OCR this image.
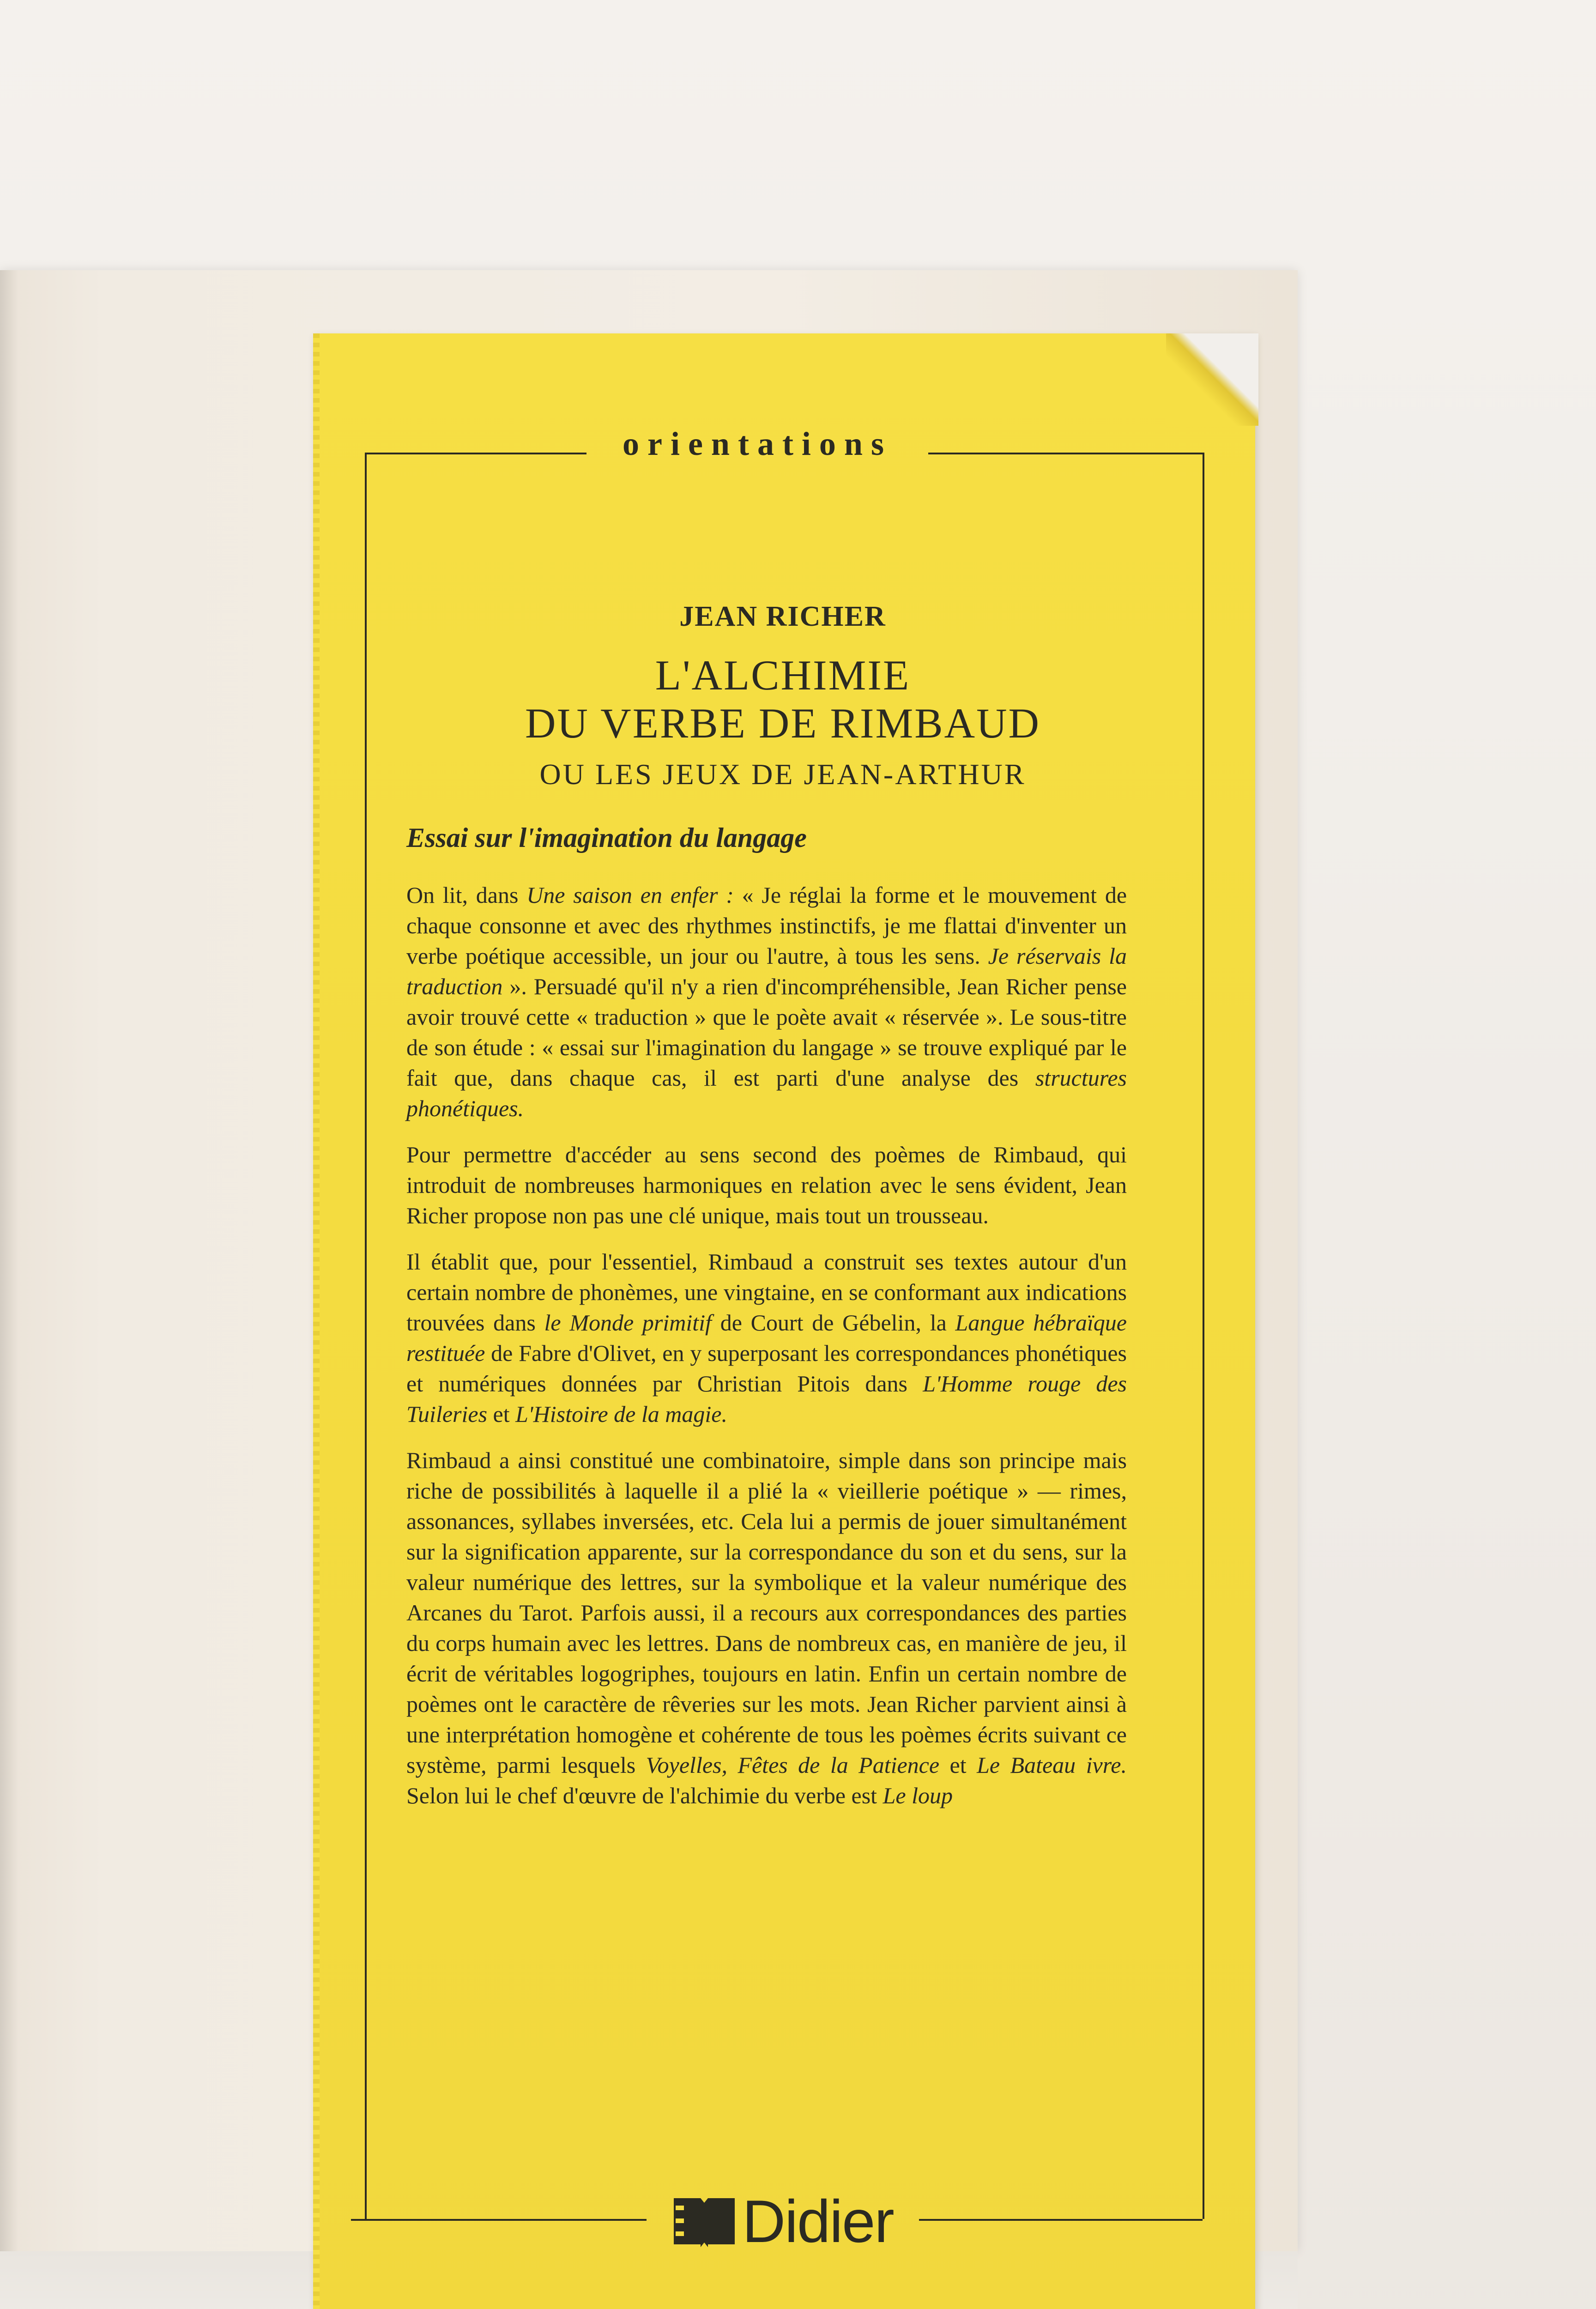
orientations
JEAN RICHER
L'ALCHIMIE
DU VERBE DE RIMBAUD
OU LES JEUX DE JEAN-ARTHUR
Essai sur l'imagination du langage

On lit, dans Une saison en enfer : « Je réglai la forme et le mouvement de chaque consonne et avec des rhythmes instinctifs, je me flattai d'inventer un verbe poétique accessible, un jour ou l'autre, à tous les sens. Je réservais la traduction ». Persuadé qu'il n'y a rien d'incompréhensible, Jean Richer pense avoir trouvé cette « traduction » que le poète avait « réservée ». Le sous-titre de son étude : « essai sur l'imagination du langage » se trouve expliqué par le fait que, dans chaque cas, il est parti d'une analyse des structures phonétiques.

Pour permettre d'accéder au sens second des poèmes de Rimbaud, qui introduit de nombreuses harmoniques en relation avec le sens évident, Jean Richer propose non pas une clé unique, mais tout un trousseau.

Il établit que, pour l'essentiel, Rimbaud a construit ses textes autour d'un certain nombre de phonèmes, une vingtaine, en se conformant aux indications trouvées dans le Monde primitif de Court de Gébelin, la Langue hébraïque restituée de Fabre d'Olivet, en y superposant les correspondances phonétiques et numériques données par Christian Pitois dans L'Homme rouge des Tuileries et L'Histoire de la magie.

Rimbaud a ainsi constitué une combinatoire, simple dans son principe mais riche de possibilités à laquelle il a plié la « vieillerie poétique » — rimes, assonances, syllabes inversées, etc. Cela lui a permis de jouer simultanément sur la signification apparente, sur la correspondance du son et du sens, sur la valeur numérique des lettres, sur la symbolique et la valeur numérique des Arcanes du Tarot. Parfois aussi, il a recours aux correspondances des parties du corps humain avec les lettres. Dans de nombreux cas, en manière de jeu, il écrit de véritables logogriphes, toujours en latin. Enfin un certain nombre de poèmes ont le caractère de rêveries sur les mots. Jean Richer parvient ainsi à une interprétation homogène et cohérente de tous les poèmes écrits suivant ce système, parmi lesquels Voyelles, Fêtes de la Patience et Le Bateau ivre. Selon lui le chef d'œuvre de l'alchimie du verbe est Le loup

Didier
